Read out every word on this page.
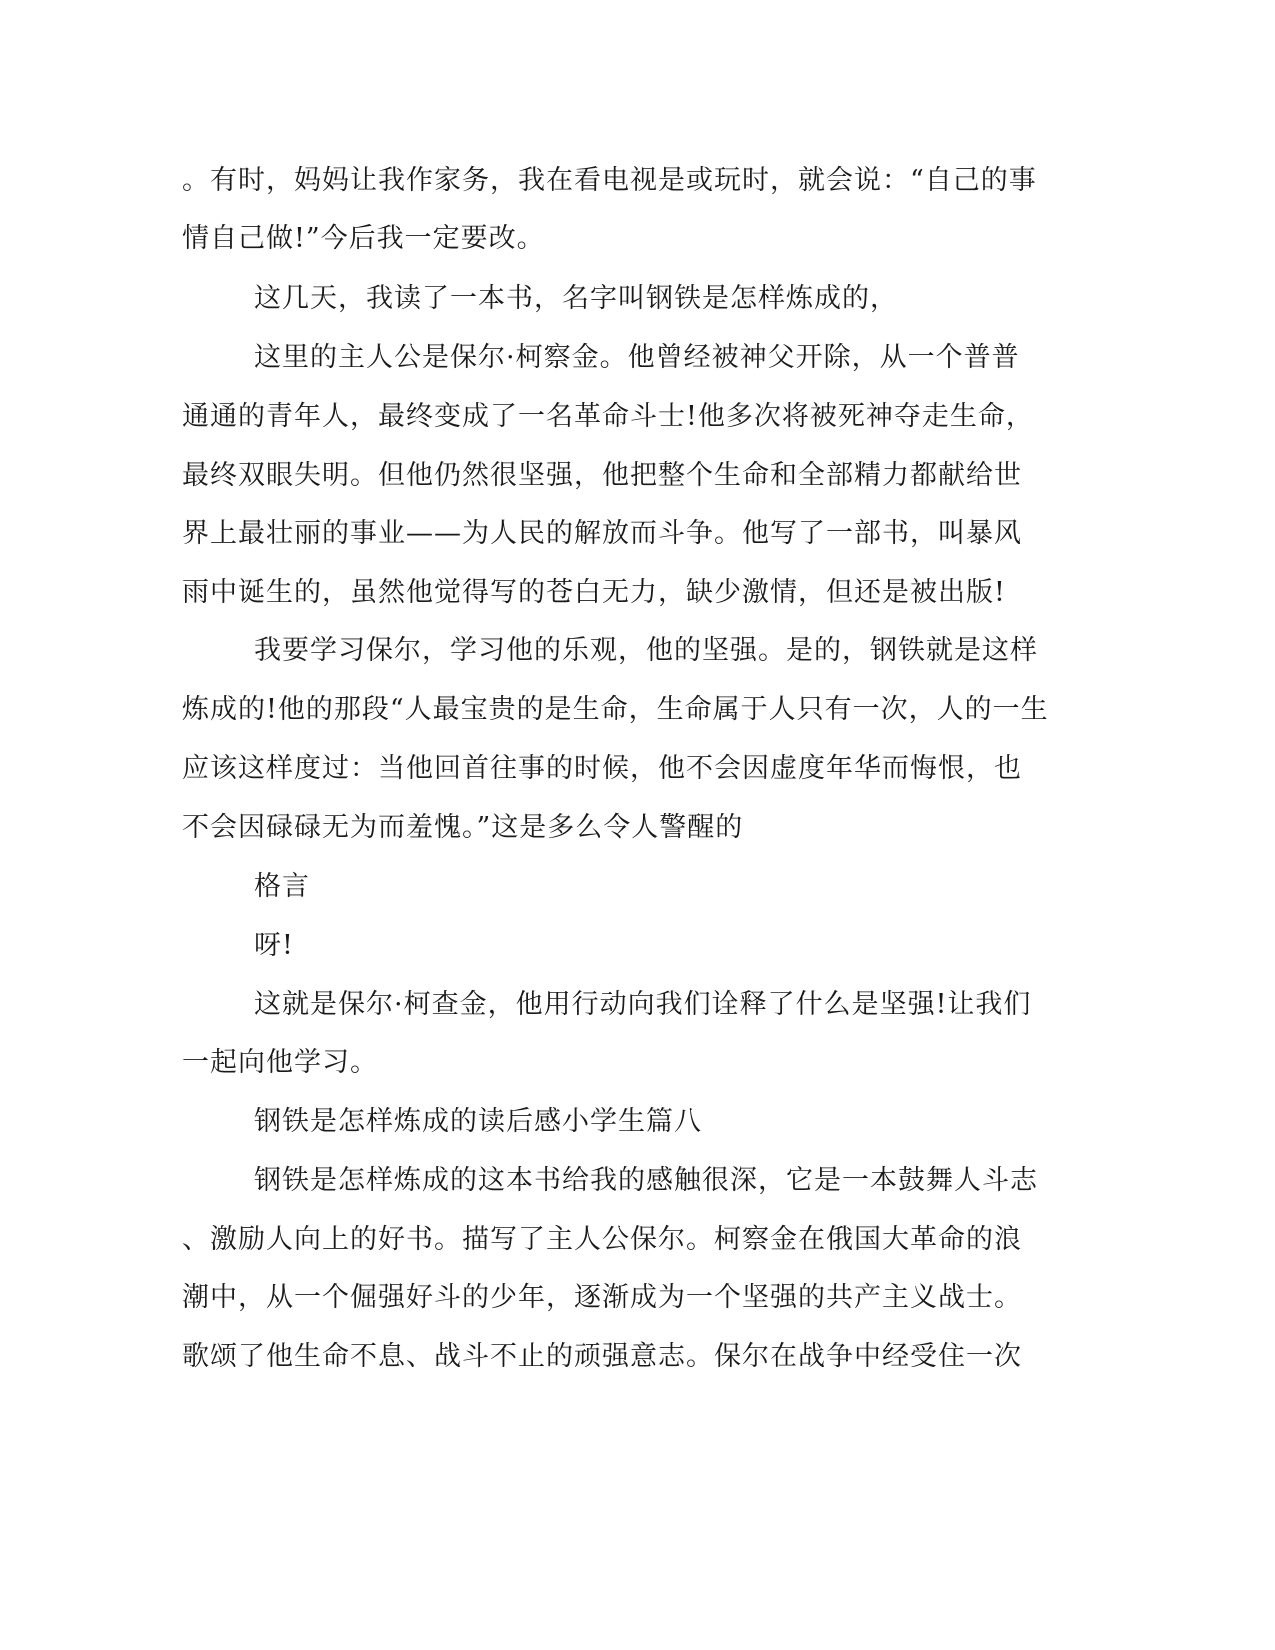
。有时，妈妈让我作家务，我在看电视是或玩时，就会说：“自己的事
情自己做!”今后我一定要改。
这几天，我读了一本书，名字叫钢铁是怎样炼成的，
这里的主人公是保尔·柯察金。他曾经被神父开除，从一个普普
通通的青年人，最终变成了一名革命斗士!他多次将被死神夺走生命，
最终双眼失明。但他仍然很坚强，他把整个生命和全部精力都献给世
界上最壮丽的事业——为人民的解放而斗争。他写了一部书，叫暴风
雨中诞生的，虽然他觉得写的苍白无力，缺少激情，但还是被出版!
我要学习保尔，学习他的乐观，他的坚强。是的，钢铁就是这样
炼成的!他的那段“人最宝贵的是生命，生命属于人只有一次，人的一生
应该这样度过：当他回首往事的时候，他不会因虚度年华而悔恨，也
不会因碌碌无为而羞愧。”这是多么令人警醒的
格言
呀!
这就是保尔·柯查金，他用行动向我们诠释了什么是坚强!让我们
一起向他学习。
钢铁是怎样炼成的读后感小学生篇八
钢铁是怎样炼成的这本书给我的感触很深，它是一本鼓舞人斗志
、激励人向上的好书。描写了主人公保尔。柯察金在俄国大革命的浪
潮中，从一个倔强好斗的少年，逐渐成为一个坚强的共产主义战士。
歌颂了他生命不息、战斗不止的顽强意志。保尔在战争中经受住一次
